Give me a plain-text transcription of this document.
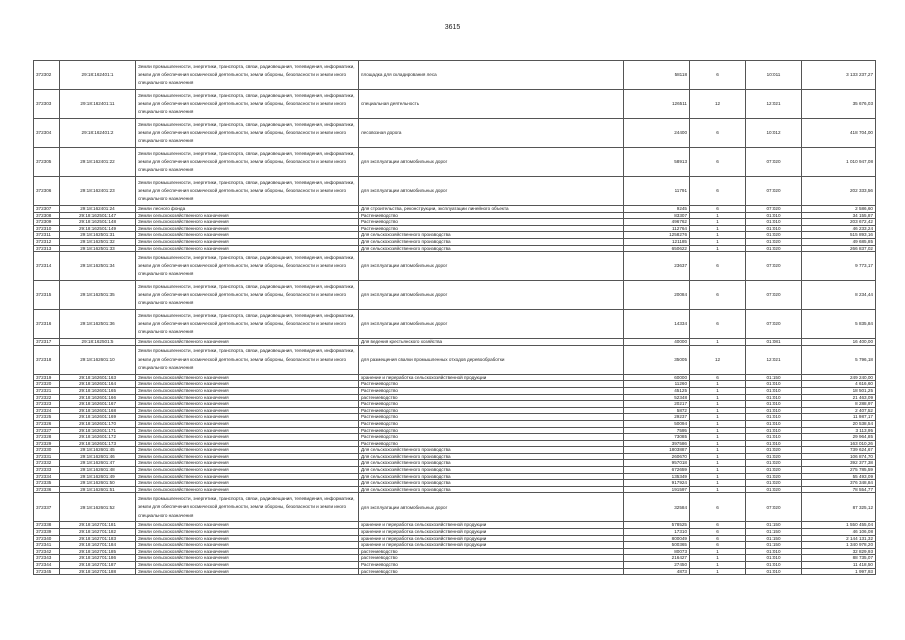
3615
372302	29:18:162401:1	Земли промышленности, энергетики, транспорта, связи, радиовещания, телевидения, информатики, земли для обеспечения космической деятельности, земли обороны, безопасности и земли иного специального назначения	площадка для складирования леса	58118	6	10:011	3 133 237,27
372303	29:18:162401:11	Земли промышленности, энергетики, транспорта, связи, радиовещания, телевидения, информатики, земли для обеспечения космической деятельности, земли обороны, безопасности и земли иного специального назначения	специальная деятельность	126511	12	12:021	35 676,03
372304	29:18:162401:2	Земли промышленности, энергетики, транспорта, связи, радиовещания, телевидения, информатики, земли для обеспечения космической деятельности, земли обороны, безопасности и земли иного специального назначения	лесовозная дорога	24400	6	10:012	418 704,00
372305	29:18:162401:22	Земли промышленности, энергетики, транспорта, связи, радиовещания, телевидения, информатики, земли для обеспечения космической деятельности, земли обороны, безопасности и земли иного специального назначения	для эксплуатации автомобильных дорог	58913	6	07:020	1 010 947,08
372306	29:18:162401:23	Земли промышленности, энергетики, транспорта, связи, радиовещания, телевидения, информатики, земли для обеспечения космической деятельности, земли обороны, безопасности и земли иного специального назначения	для эксплуатации автомобильных дорог	11791	6	07:020	202 333,56
372307	29:18:162401:24	Земли лесного фонда	Для строительства, реконструкции, эксплуатации линейного объекта	9245	6	07:020	2 586,60
372308	29:18:162501:147	Земли сельскохозяйственного назначения	Растениеводство	83307	1	01:010	34 155,87
372309	29:18:162501:148	Земли сельскохозяйственного назначения	Растениеводство	496762	1	01:010	203 672,42
372310	29:18:162501:149	Земли сельскохозяйственного назначения	Растениеводство	112764	1	01:010	46 233,24
372311	29:18:162501:31	Земли сельскохозяйственного назначения	Для сельскохозяйственного производства	1258276	1	01:020	515 893,16
372312	29:18:162501:32	Земли сельскохозяйственного назначения	Для сельскохозяйственного производства	121185	1	01:020	49 685,85
372313	29:18:162501:33	Земли сельскохозяйственного назначения	Для сельскохозяйственного производства	650622	1	01:020	266 837,02
372314	29:18:162501:34	Земли промышленности, энергетики, транспорта, связи, радиовещания, телевидения, информатики, земли для обеспечения космической деятельности, земли обороны, безопасности и земли иного специального назначения	для эксплуатации автомобильных дорог	23637	6	07:020	9 773,17
372315	29:18:162501:35	Земли промышленности, энергетики, транспорта, связи, радиовещания, телевидения, информатики, земли для обеспечения космической деятельности, земли обороны, безопасности и земли иного специального назначения	для эксплуатации автомобильных дорог	20084	6	07:020	8 234,44
372316	29:18:162501:36	Земли промышленности, энергетики, транспорта, связи, радиовещания, телевидения, информатики, земли для обеспечения космической деятельности, земли обороны, безопасности и земли иного специального назначения	для эксплуатации автомобильных дорог	14334	6	07:020	5 835,84
372317	29:18:162501:5	Земли сельскохозяйственного назначения	Для ведения крестьянского хозяйства	40000	1	01:081	16 400,00
372318	29:18:162601:10	Земли промышленности, энергетики, транспорта, связи, радиовещания, телевидения, информатики, земли для обеспечения космической деятельности, земли обороны, безопасности и земли иного специального назначения	для размещения свалки промышленных отходов деревообработки	35005	12	12:021	5 796,18
372319	29:18:162601:163	Земли сельскохозяйственного назначения	хранение и переработка сельскохозяйственной продукции	60000	6	01:150	249 240,00
372320	29:18:162601:164	Земли сельскохозяйственного назначения	Растениеводство	11260	1	01:010	4 616,60
372321	29:18:162601:165	Земли сельскохозяйственного назначения	Растениеводство	45125	1	01:010	18 501,25
372322	29:18:162601:166	Земли сельскохозяйственного назначения	растениеводство	52348	1	01:010	21 463,09
372323	29:18:162601:167	Земли сельскохозяйственного назначения	Растениеводство	20217	1	01:010	8 288,97
372324	29:18:162601:168	Земли сельскохозяйственного назначения	Растениеводство	5872	1	01:010	2 407,52
372325	29:18:162601:169	Земли сельскохозяйственного назначения	Растениеводство	29237	1	01:010	11 987,17
372326	29:18:162601:170	Земли сельскохозяйственного назначения	Растениеводство	50094	1	01:010	20 538,54
372327	29:18:162601:171	Земли сельскохозяйственного назначения	Растениеводство	7595	1	01:010	3 113,95
372328	29:18:162601:172	Земли сельскохозяйственного назначения	Растениеводство	73085	1	01:010	29 964,85
372329	29:18:162601:173	Земли сельскохозяйственного назначения	Растениеводство	397586	1	01:010	163 010,26
372330	29:18:162601:45	Земли сельскохозяйственного назначения	Для сельскохозяйственного производства	1803887	1	01:020	739 624,67
372331	29:18:162601:46	Земли сельскохозяйственного назначения	Для сельскохозяйственного производства	260670	1	01:020	106 874,70
372332	29:18:162601:47	Земли сельскохозяйственного назначения	Для сельскохозяйственного производства	957018	1	01:020	392 377,38
372333	29:18:162601:48	Земли сельскохозяйственного назначения	Для сельскохозяйственного производства	672659	1	01:020	275 785,59
372334	29:18:162601:49	Земли сельскохозяйственного назначения	Для сельскохозяйственного производства	135349	1	01:020	55 493,09
372335	29:18:162601:50	Земли сельскохозяйственного назначения	Для сельскохозяйственного производства	917924	1	01:020	376 348,84
372336	29:18:162601:51	Земли сельскохозяйственного назначения	Для сельскохозяйственного производства	191597	1	01:020	78 554,77
372337	29:18:162601:52	Земли промышленности, энергетики, транспорта, связи, радиовещания, телевидения, информатики, земли для обеспечения космической деятельности, земли обороны, безопасности и земли иного специального назначения	для эксплуатации автомобильных дорог	32584	6	07:020	87 325,12
372338	29:18:162701:181	Земли сельскохозяйственного назначения	хранение и переработка сельскохозяйственной продукции	578525	6	01:150	1 550 455,04
372339	29:18:162701:182	Земли сельскохозяйственного назначения	хранение и переработка сельскохозяйственной продукции	17310	6	01:150	46 106,08
372340	29:18:162701:183	Земли сельскохозяйственного назначения	хранение и переработка сельскохозяйственной продукции	800049	6	01:150	2 144 131,32
372341	29:18:162701:184	Земли сельскохозяйственного назначения	хранение и переработка сельскохозяйственной продукции	500365	6	01:150	1 340 978,20
372342	29:18:162701:185	Земли сельскохозяйственного назначения	растениеводство	80073	1	01:010	32 829,93
372343	29:18:162701:186	Земли сельскохозяйственного назначения	растениеводство	216427	1	01:010	88 735,07
372344	29:18:162701:187	Земли сельскохозяйственного назначения	Растениеводство	27450	1	01:010	11 418,50
372345	29:18:162701:188	Земли сельскохозяйственного назначения	растениеводство	4873	1	01:010	1 997,93
